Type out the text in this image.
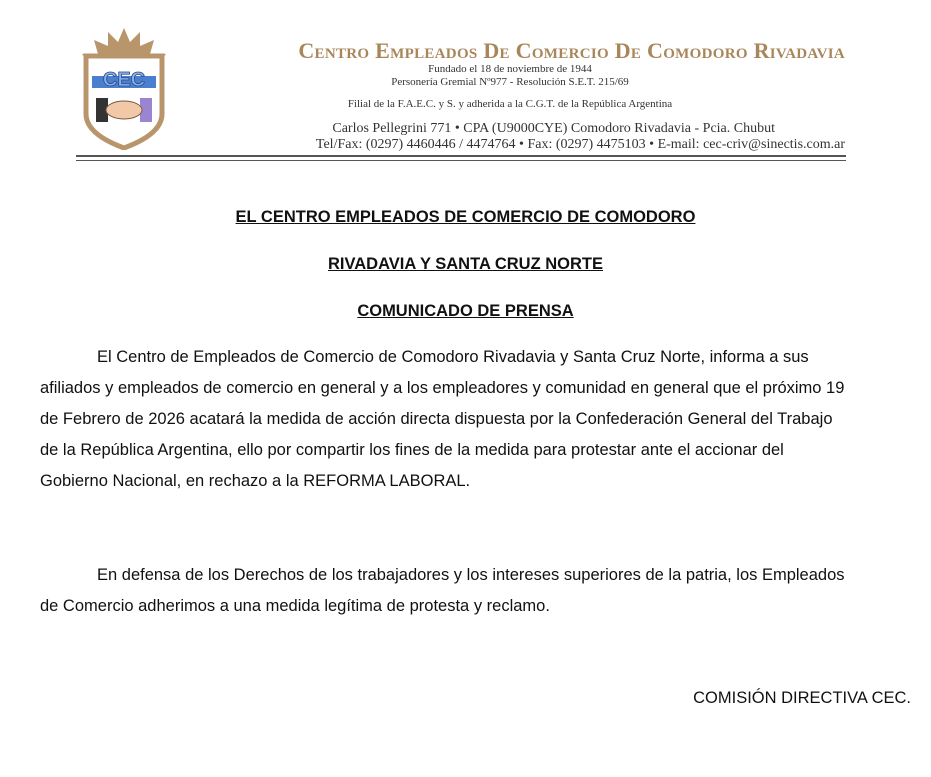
CEC
Centro Empleados De Comercio De Comodoro Rivadavia
Fundado el 18 de noviembre de 1944
Personería Gremial Nº977 - Resolución S.E.T. 215/69
Filial de la F.A.E.C. y S. y adherida a la C.G.T. de la República Argentina
Carlos Pellegrini 771 • CPA (U9000CYE) Comodoro Rivadavia - Pcia. Chubut
Tel/Fax: (0297) 4460446 / 4474764 • Fax: (0297) 4475103 • E-mail: cec-criv@sinectis.com.ar
EL CENTRO EMPLEADOS DE COMERCIO DE COMODORO
RIVADAVIA Y SANTA CRUZ NORTE
COMUNICADO DE PRENSA
El Centro de Empleados de Comercio de Comodoro Rivadavia y Santa Cruz Norte, informa a sus
afiliados y empleados de comercio en general y a los empleadores y comunidad en general que el próximo 19
de Febrero de 2026 acatará la medida de acción directa dispuesta por la Confederación General del Trabajo
de la República Argentina, ello por compartir los fines de la medida para protestar ante el accionar del
Gobierno Nacional, en rechazo a la REFORMA LABORAL.
En defensa de los Derechos de los trabajadores y los intereses superiores de la patria, los Empleados
de Comercio adherimos a una medida legítima de protesta y reclamo.
COMISIÓN DIRECTIVA CEC.
